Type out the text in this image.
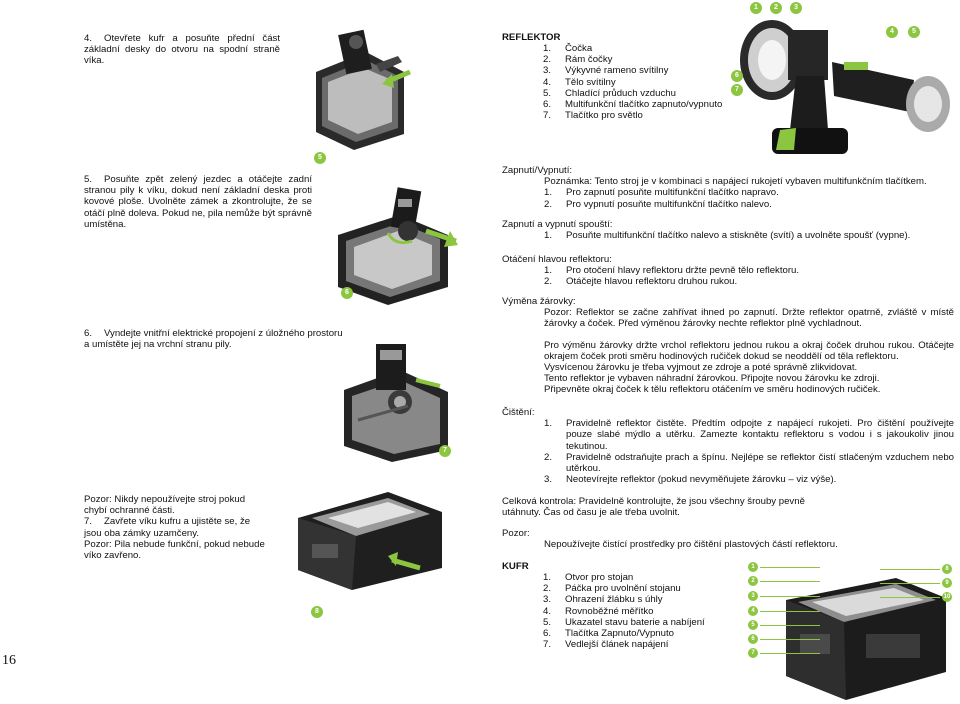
16
4. Otevřete kufr a posuňte přední část základní desky do otvoru na spodní straně víka.
5. Posuňte zpět zelený jezdec a otáčejte zadní stranou pily k víku, dokud není základní deska proti kovové ploše. Uvolněte zámek a zkontrolujte, že se otáčí plně doleva. Pokud ne, pila nemůže být správně umístěna.
6. Vyndejte vnitřní elektrické propojení z úložného prostoru a umístěte jej na vrchní stranu pily.
Pozor: Nikdy nepoužívejte stroj pokud chybí ochranné části.
7. Zavřete víku kufru a ujistěte se, že jsou oba zámky uzamčeny.
Pozor: Pila nebude funkční, pokud nebude víko zavřeno.
5
6
7
8
REFLEKTOR
1. Čočka
2. Rám čočky
3. Výkyvné rameno svítilny
4. Tělo svítilny
5. Chladící průduch vzduchu
6. Multifunkční tlačítko zapnuto/vypnuto
7. Tlačítko pro světlo
1	2	3
4	5
6
7
Zapnutí/Vypnutí:
Poznámka: Tento stroj je v kombinaci s napájecí rukojetí vybaven multifunkčním tlačítkem.
1. Pro zapnutí posuňte multifunkční tlačítko napravo.
2. Pro vypnutí posuňte multifunkční tlačítko nalevo.
Zapnutí a vypnutí spouští:
1. Posuňte multifunkční tlačítko nalevo a stiskněte (svítí) a uvolněte spoušť (vypne).
Otáčení hlavou reflektoru:
1. Pro otočení hlavy reflektoru držte pevně tělo reflektoru.
2. Otáčejte hlavou reflektoru druhou rukou.
Výměna žárovky:
Pozor: Reflektor se začne zahřívat ihned po zapnutí. Držte reflektor opatrně, zvláště v místě žárovky a čoček. Před výměnou žárovky nechte reflektor plně vychladnout.
Pro výměnu žárovky držte vrchol reflektoru jednou rukou a okraj čoček druhou rukou. Otáčejte okrajem čoček proti směru hodinových ručiček dokud se neoddělí od těla reflektoru.
Vysvícenou žárovku je třeba vyjmout ze zdroje a poté správně zlikvidovat.
Tento reflektor je vybaven náhradní žárovkou. Připojte novou žárovku ke zdroji.
Připevněte okraj čoček k tělu reflektoru otáčením ve směru hodinových ručiček.
Čištění:
1. Pravidelně reflektor čistěte. Předtím odpojte z napájecí rukojeti. Pro čištění používejte pouze slabé mýdlo a utěrku. Zamezte kontaktu reflektoru s vodou i s jakoukoliv jinou tekutinou.
2. Pravidelně odstraňujte prach a špínu. Nejlépe se reflektor čistí stlačeným vzduchem nebo utěrkou.
3. Neotevírejte reflektor (pokud nevyměňujete žárovku – viz výše).
Celková kontrola: Pravidelně kontrolujte, že jsou všechny šrouby pevně utáhnuty. Čas od času je ale třeba uvolnit.
Pozor:
Nepoužívejte čistící prostředky pro čištění plastových částí reflektoru.
KUFR
1. Otvor pro stojan
2. Páčka pro uvolnění stojanu
3. Ohrazení žlábku s úhly
4. Rovnoběžné měřítko
5. Ukazatel stavu baterie a nabíjení
6. Tlačítka Zapnuto/Vypnuto
7. Vedlejší článek napájení
1
2
3
4
5
6
7
8
9
10
